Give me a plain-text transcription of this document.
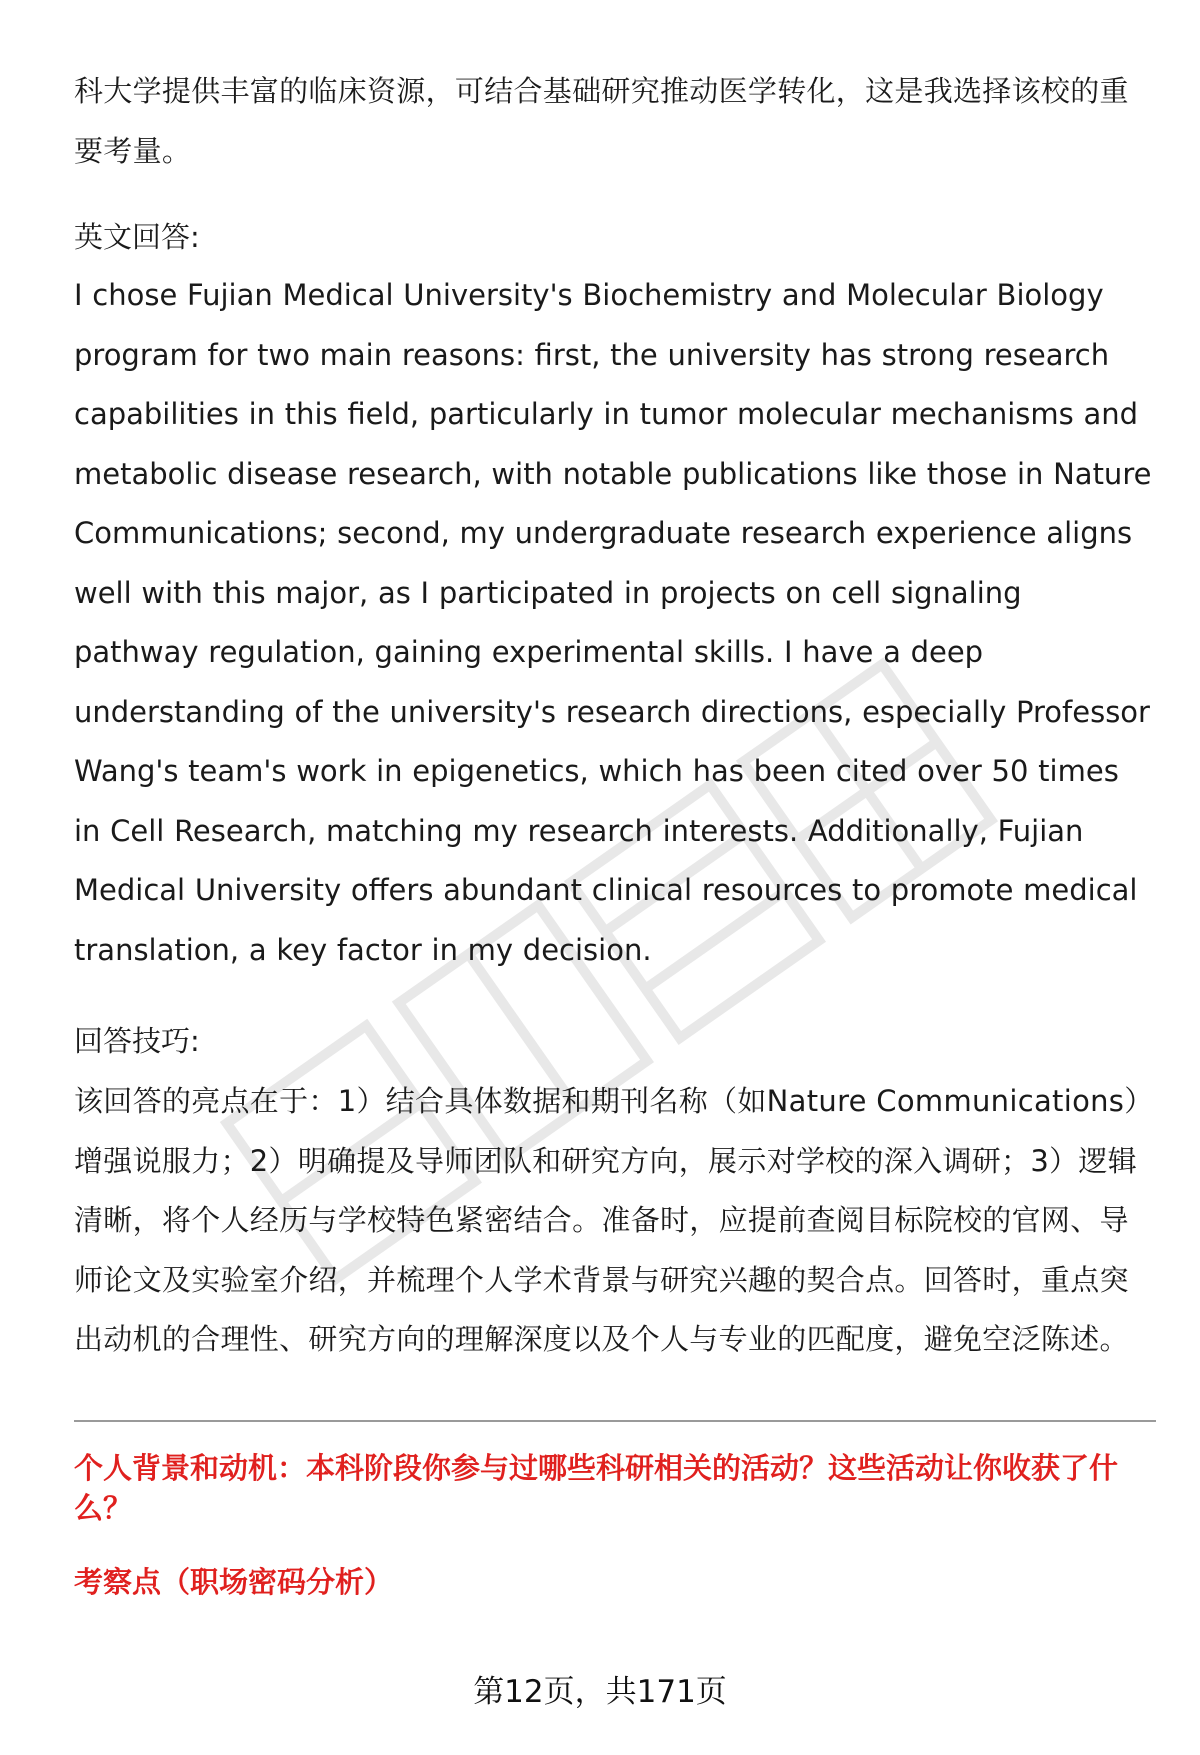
科大学提供丰富的临床资源，可结合基础研究推动医学转化，这是我选择该校的重要考量。

英文回答:

I chose Fujian Medical University's Biochemistry and Molecular Biology program for two main reasons: first, the university has strong research capabilities in this field, particularly in tumor molecular mechanisms and metabolic disease research, with notable publications like those in Nature Communications; second, my undergraduate research experience aligns well with this major, as I participated in projects on cell signaling pathway regulation, gaining experimental skills. I have a deep understanding of the university's research directions, especially Professor Wang's team's work in epigenetics, which has been cited over 50 times in Cell Research, matching my research interests. Additionally, Fujian Medical University offers abundant clinical resources to promote medical translation, a key factor in my decision.

回答技巧:

该回答的亮点在于：1）结合具体数据和期刊名称（如Nature Communications）增强说服力；2）明确提及导师团队和研究方向，展示对学校的深入调研；3）逻辑清晰，将个人经历与学校特色紧密结合。准备时，应提前查阅目标院校的官网、导师论文及实验室介绍，并梳理个人学术背景与研究兴趣的契合点。回答时，重点突出动机的合理性、研究方向的理解深度以及个人与专业的匹配度，避免空泛陈述。

个人背景和动机：本科阶段你参与过哪些科研相关的活动？这些活动让你收获了什么？

考察点（职场密码分析）

第12页，共171页
